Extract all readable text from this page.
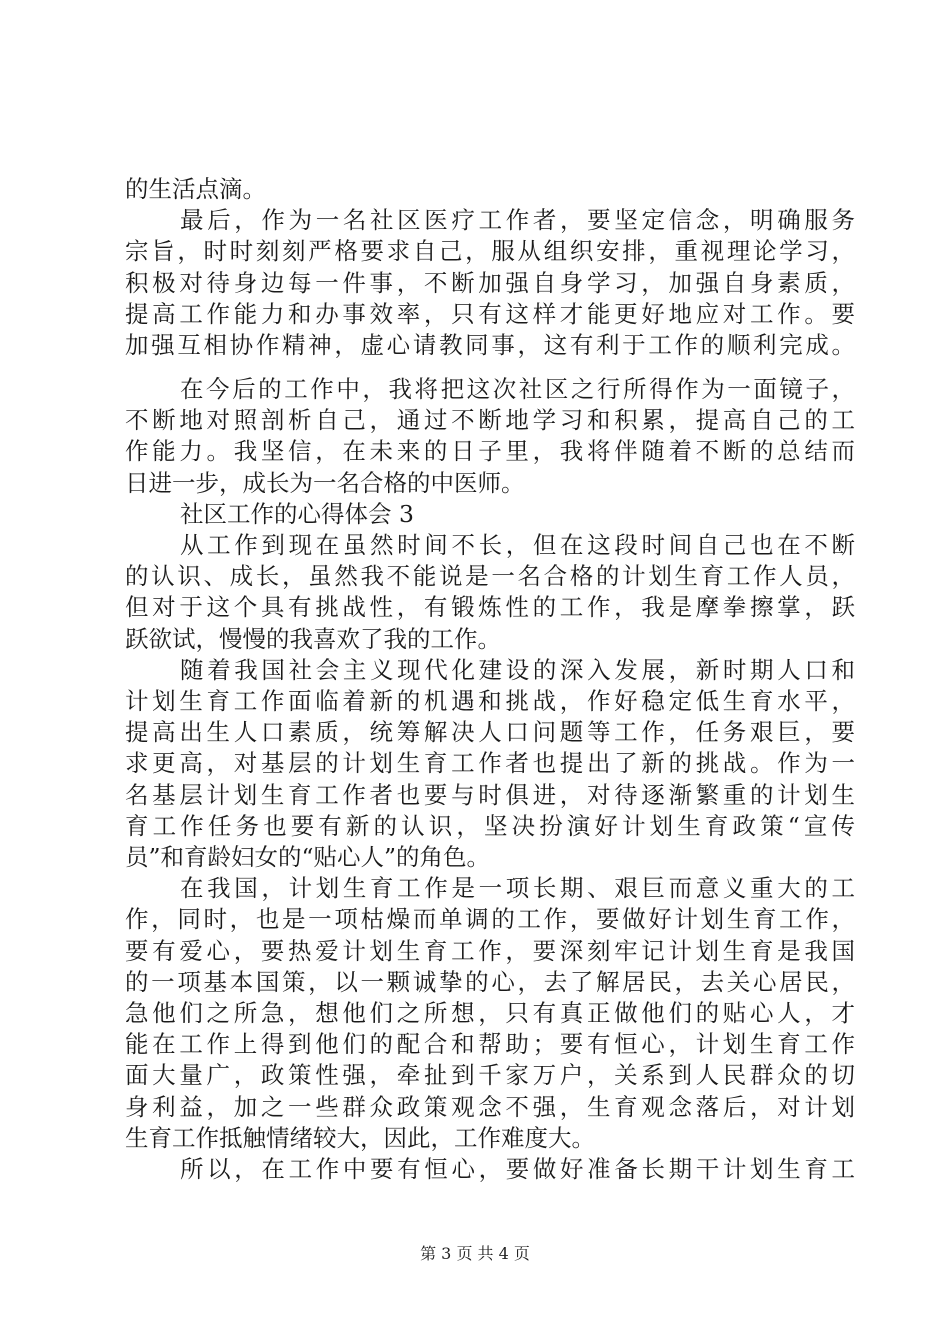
的生活点滴。
最后，作为一名社区医疗工作者，要坚定信念，明确服务
宗旨，时时刻刻严格要求自己，服从组织安排，重视理论学习，
积极对待身边每一件事，不断加强自身学习，加强自身素质，
提高工作能力和办事效率，只有这样才能更好地应对工作。要
加强互相协作精神，虚心请教同事，这有利于工作的顺利完成。
在今后的工作中，我将把这次社区之行所得作为一面镜子，
不断地对照剖析自己，通过不断地学习和积累，提高自己的工
作能力。我坚信，在未来的日子里，我将伴随着不断的总结而
日进一步，成长为一名合格的中医师。
社区工作的心得体会 3
从工作到现在虽然时间不长，但在这段时间自己也在不断
的认识、成长，虽然我不能说是一名合格的计划生育工作人员，
但对于这个具有挑战性，有锻炼性的工作，我是摩拳擦掌，跃
跃欲试，慢慢的我喜欢了我的工作。
随着我国社会主义现代化建设的深入发展，新时期人口和
计划生育工作面临着新的机遇和挑战，作好稳定低生育水平，
提高出生人口素质，统筹解决人口问题等工作，任务艰巨，要
求更高，对基层的计划生育工作者也提出了新的挑战。作为一
名基层计划生育工作者也要与时俱进，对待逐渐繁重的计划生
育工作任务也要有新的认识，坚决扮演好计划生育政策“宣传
员”和育龄妇女的“贴心人”的角色。
在我国，计划生育工作是一项长期、艰巨而意义重大的工
作，同时，也是一项枯燥而单调的工作，要做好计划生育工作，
要有爱心，要热爱计划生育工作，要深刻牢记计划生育是我国
的一项基本国策，以一颗诚挚的心，去了解居民，去关心居民，
急他们之所急，想他们之所想，只有真正做他们的贴心人，才
能在工作上得到他们的配合和帮助；要有恒心，计划生育工作
面大量广，政策性强，牵扯到千家万户，关系到人民群众的切
身利益，加之一些群众政策观念不强，生育观念落后，对计划
生育工作抵触情绪较大，因此，工作难度大。
所以，在工作中要有恒心，要做好准备长期干计划生育工
第 3 页 共 4 页
